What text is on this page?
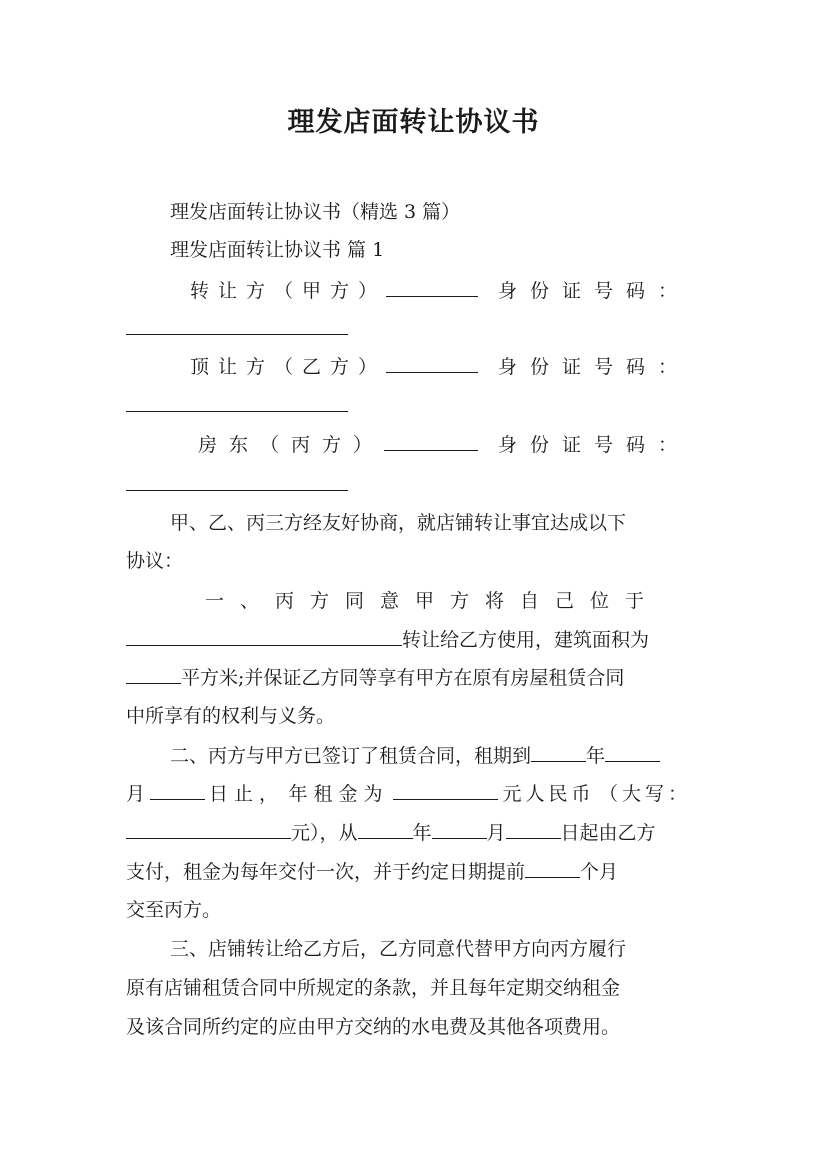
理发店面转让协议书
理发店面转让协议书（精选 3 篇）
理发店面转让协议书 篇 1
转让方（甲方）	身份证号码：
顶让方（乙方）	身份证号码：
房东（丙方）	身份证号码：
甲、乙、丙三方经友好协商，就店铺转让事宜达成以下
协议：
一、丙方同意甲方将自己位于
转让给乙方使用，建筑面积为
平方米;并保证乙方同等享有甲方在原有房屋租赁合同
中所享有的权利与义务。
二、丙方与甲方已签订了租赁合同，租期到	年
月	日止， 年租金为	元人民币 （大写：
元），从	年	月	日起由乙方
支付，租金为每年交付一次，并于约定日期提前	个月
交至丙方。
三、店铺转让给乙方后，乙方同意代替甲方向丙方履行
原有店铺租赁合同中所规定的条款，并且每年定期交纳租金
及该合同所约定的应由甲方交纳的水电费及其他各项费用。
